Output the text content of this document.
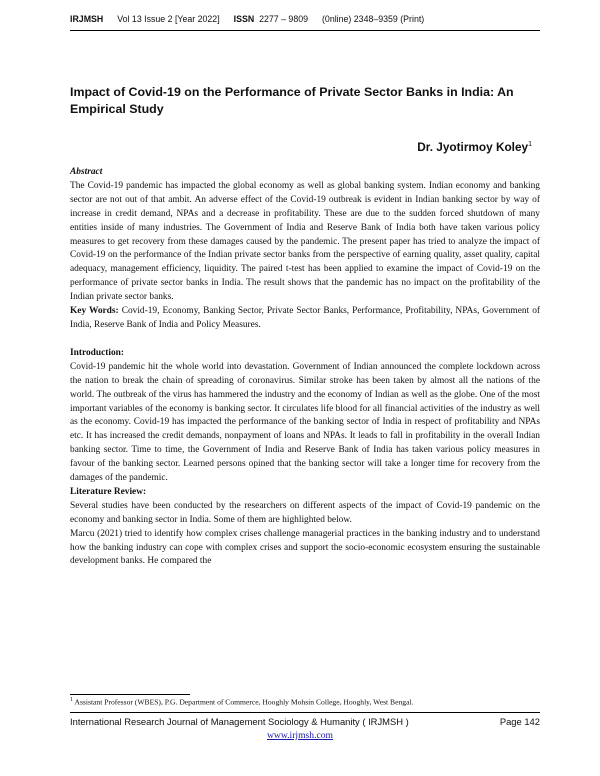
IRJMSH Vol 13 Issue 2 [Year 2022] ISSN 2277 – 9809 (0nline) 2348–9359 (Print)
Impact of Covid-19 on the Performance of Private Sector Banks in India: An Empirical Study
Dr. Jyotirmoy Koley$^1$

Abstract

The Covid-19 pandemic has impacted the global economy as well as global banking system. Indian economy and banking sector are not out of that ambit. An adverse effect of the Covid-19 outbreak is evident in Indian banking sector by way of increase in credit demand, NPAs and a decrease in profitability. These are due to the sudden forced shutdown of many entities inside of many industries. The Government of India and Reserve Bank of India both have taken various policy measures to get recovery from these damages caused by the pandemic. The present paper has tried to analyze the impact of Covid-19 on the performance of the Indian private sector banks from the perspective of earning quality, asset quality, capital adequacy, management efficiency, liquidity. The paired t-test has been applied to examine the impact of Covid-19 on the performance of private sector banks in India. The result shows that the pandemic has no impact on the profitability of the Indian private sector banks.

Key Words: Covid-19, Economy, Banking Sector, Private Sector Banks, Performance, Profitability, NPAs, Government of India, Reserve Bank of India and Policy Measures.

Introduction:

Covid-19 pandemic hit the whole world into devastation. Government of Indian announced the complete lockdown across the nation to break the chain of spreading of coronavirus. Similar stroke has been taken by almost all the nations of the world. The outbreak of the virus has hammered the industry and the economy of Indian as well as the globe. One of the most important variables of the economy is banking sector. It circulates life blood for all financial activities of the industry as well as the economy. Covid-19 has impacted the performance of the banking sector of India in respect of profitability and NPAs etc. It has increased the credit demands, nonpayment of loans and NPAs. It leads to fall in profitability in the overall Indian banking sector. Time to time, the Government of India and Reserve Bank of India has taken various policy measures in favour of the banking sector. Learned persons opined that the banking sector will take a longer time for recovery from the damages of the pandemic.

Literature Review:

Several studies have been conducted by the researchers on different aspects of the impact of Covid-19 pandemic on the economy and banking sector in India. Some of them are highlighted below.

Marcu (2021) tried to identify how complex crises challenge managerial practices in the banking industry and to understand how the banking industry can cope with complex crises and support the socio-economic ecosystem ensuring the sustainable development banks. He compared the

$^1$ Assistant Professor (WBES), P.G. Department of Commerce, Hooghly Mohsin College, Hooghly, West Bengal.
International Research Journal of Management Sociology & Humanity ( IRJMSH )	Page 142
www.irjmsh.com
